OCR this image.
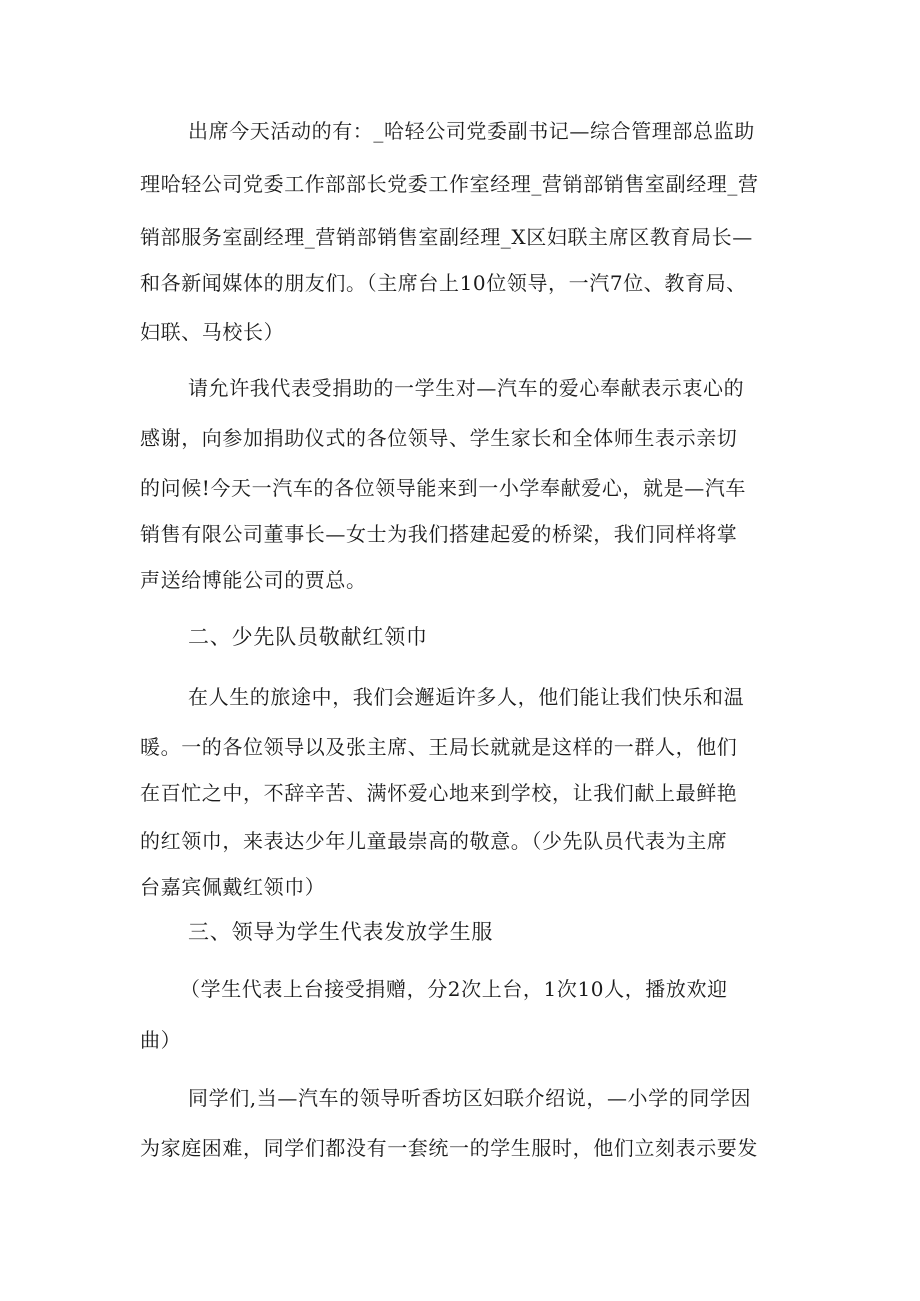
出席今天活动的有：_哈轻公司党委副书记—综合管理部总监助
理哈轻公司党委工作部部长党委工作室经理_营销部销售室副经理_营
销部服务室副经理_营销部销售室副经理_X区妇联主席区教育局长—
和各新闻媒体的朋友们。（主席台上10位领导，一汽7位、教育局、
妇联、马校长）
请允许我代表受捐助的一学生对—汽车的爱心奉献表示衷心的
感谢，向参加捐助仪式的各位领导、学生家长和全体师生表示亲切
的问候!今天一汽车的各位领导能来到一小学奉献爱心，就是—汽车
销售有限公司董事长—女士为我们搭建起爱的桥梁，我们同样将掌
声送给博能公司的贾总。
二、少先队员敬献红领巾
在人生的旅途中，我们会邂逅许多人，他们能让我们快乐和温
暖。一的各位领导以及张主席、王局长就就是这样的一群人，他们
在百忙之中，不辞辛苦、满怀爱心地来到学校，让我们献上最鲜艳
的红领巾，来表达少年儿童最崇高的敬意。（少先队员代表为主席
台嘉宾佩戴红领巾）
三、领导为学生代表发放学生服
（学生代表上台接受捐赠，分2次上台，1次10人，播放欢迎
曲）
同学们,当—汽车的领导听香坊区妇联介绍说，—小学的同学因
为家庭困难，同学们都没有一套统一的学生服时，他们立刻表示要发
